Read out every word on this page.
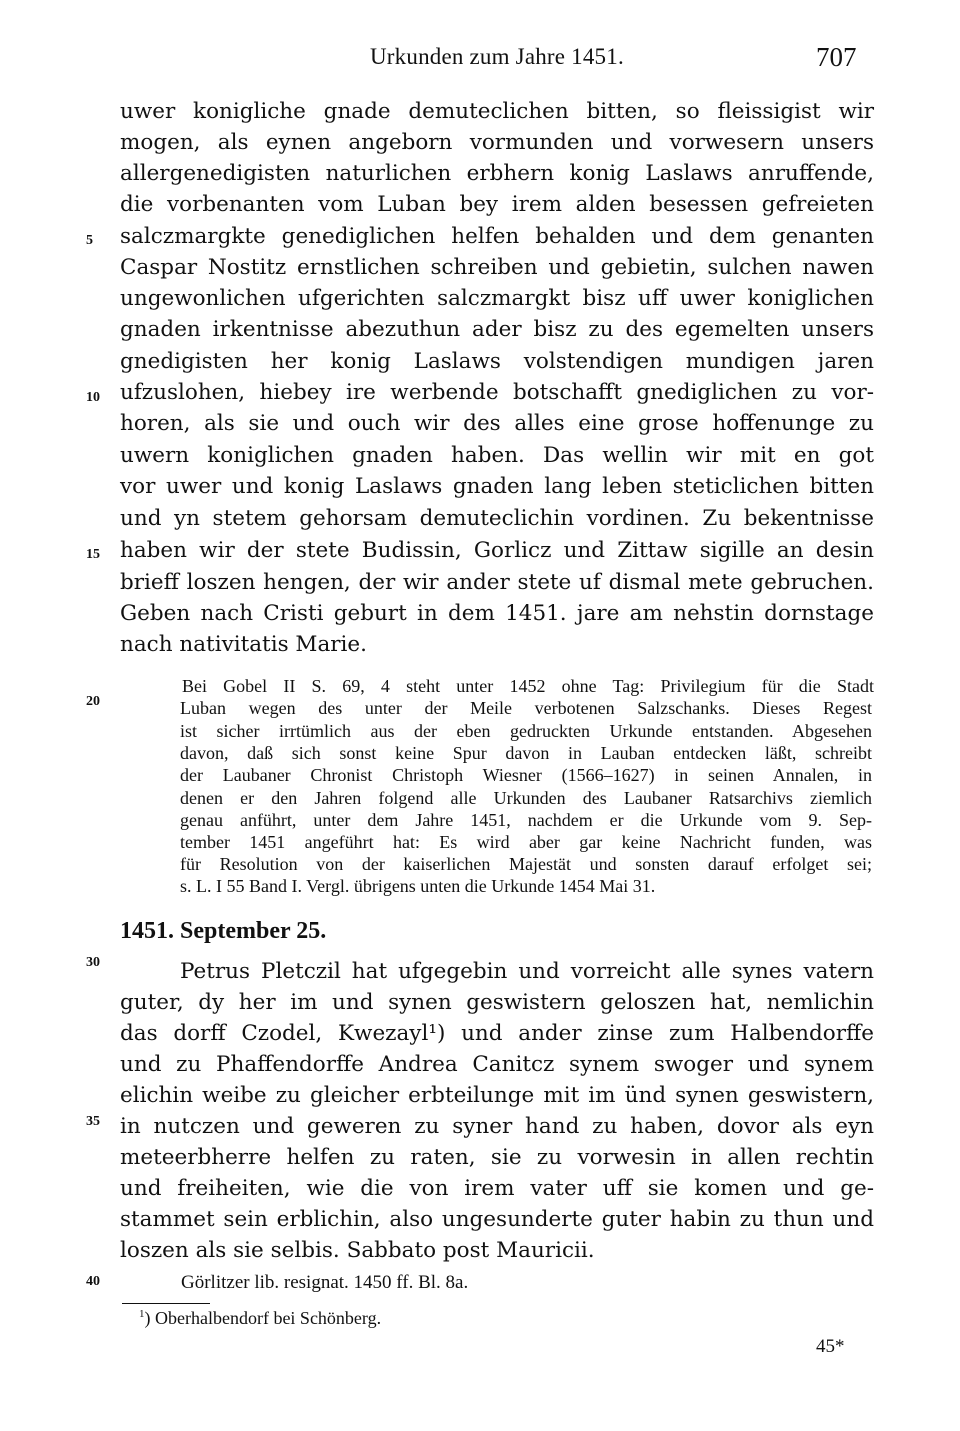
Urkunden zum Jahre 1451.	707
uwer konigliche gnade demuteclichen bitten, so fleissigist wir
mogen, als eynen angeborn vormunden und vorwesern unsers
allergenedigisten naturlichen erbhern konig Laslaws anruffende,
die vorbenanten vom Luban bey irem alden besessen gefreieten
salczmargkte genediglichen helfen behalden und dem genanten
Caspar Nostitz ernstlichen schreiben und gebietin, sulchen nawen
ungewonlichen ufgerichten salczmargkt bisz uff uwer koniglichen
gnaden irkentnisse abezuthun ader bisz zu des egemelten unsers
gnedigisten her konig Laslaws volstendigen mundigen jaren
ufzuslohen, hiebey ire werbende botschafft gnediglichen zu vor-
horen, als sie und ouch wir des alles eine grose hoffenunge zu
uwern koniglichen gnaden haben. Das wellin wir mit en got
vor uwer und konig Laslaws gnaden lang leben steticlichen bitten
und yn stetem gehorsam demuteclichin vordinen. Zu bekentnisse
haben wir der stete Budissin, Gorlicz und Zittaw sigille an desin
brieff loszen hengen, der wir ander stete uf dismal mete gebruchen.
Geben nach Cristi geburt in dem 1451. jare am nehstin dornstage
nach nativitatis Marie.
Bei Gobel II S. 69, 4 steht unter 1452 ohne Tag: Privilegium für die Stadt
Luban wegen des unter der Meile verbotenen Salzschanks. Dieses Regest
ist sicher irrtümlich aus der eben gedruckten Urkunde entstanden. Abgesehen
davon, daß sich sonst keine Spur davon in Lauban entdecken läßt, schreibt
der Laubaner Chronist Christoph Wiesner (1566–1627) in seinen Annalen, in
denen er den Jahren folgend alle Urkunden des Laubaner Ratsarchivs ziemlich
genau anführt, unter dem Jahre 1451, nachdem er die Urkunde vom 9. Sep-
tember 1451 angeführt hat: Es wird aber gar keine Nachricht funden, was
für Resolution von der kaiserlichen Majestät und sonsten darauf erfolget sei;
s. L. I 55 Band I. Vergl. übrigens unten die Urkunde 1454 Mai 31.
1451. September 25.
Petrus Pletczil hat ufgegebin und vorreicht alle synes vatern
guter, dy her im und synen geswistern geloszen hat, nemlichin
das dorff Czodel, Kwezayl¹) und ander zinse zum Halbendorffe
und zu Phaffendorffe Andrea Canitcz synem swoger und synem
elichin weibe zu gleicher erbteilunge mit im ünd synen geswistern,
in nutczen und geweren zu syner hand zu haben, dovor als eyn
meteerbherre helfen zu raten, sie zu vorwesin in allen rechtin
und freiheiten, wie die von irem vater uff sie komen und ge-
stammet sein erblichin, also ungesunderte guter habin zu thun und
loszen als sie selbis. Sabbato post Mauricii.
Görlitzer lib. resignat. 1450 ff. Bl. 8a.
5
10
15
20
30
35
40
$^1$) Oberhalbendorf bei Schönberg.
45*
